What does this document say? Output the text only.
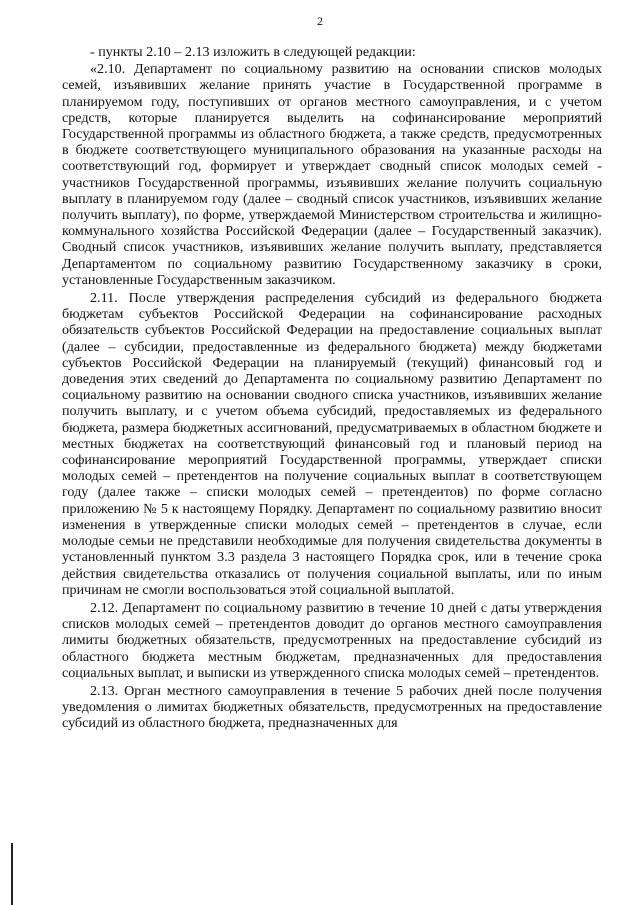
2

- пункты 2.10 – 2.13 изложить в следующей редакции:

«2.10. Департамент по социальному развитию на основании списков молодых семей, изъявивших желание принять участие в Государственной программе в планируемом году, поступивших от органов местного самоуправления, и с учетом средств, которые планируется выделить на софинансирование мероприятий Государственной программы из областного бюджета, а также средств, предусмотренных в бюджете соответствующего муниципального образования на указанные расходы на соответствующий год, формирует и утверждает сводный список молодых семей - участников Государственной программы, изъявивших желание получить социальную выплату в планируемом году (далее – сводный список участников, изъявивших желание получить выплату), по форме, утверждаемой Министерством строительства и жилищно-коммунального хозяйства Российской Федерации (далее – Государственный заказчик). Сводный список участников, изъявивших желание получить выплату, представляется Департаментом по социальному развитию Государственному заказчику в сроки, установленные Государственным заказчиком.

2.11. После утверждения распределения субсидий из федерального бюджета бюджетам субъектов Российской Федерации на софинансирование расходных обязательств субъектов Российской Федерации на предоставление социальных выплат (далее – субсидии, предоставленные из федерального бюджета) между бюджетами субъектов Российской Федерации на планируемый (текущий) финансовый год и доведения этих сведений до Департамента по социальному развитию Департамент по социальному развитию на основании сводного списка участников, изъявивших желание получить выплату, и с учетом объема субсидий, предоставляемых из федерального бюджета, размера бюджетных ассигнований, предусматриваемых в областном бюджете и местных бюджетах на соответствующий финансовый год и плановый период на софинансирование мероприятий Государственной программы, утверждает списки молодых семей – претендентов на получение социальных выплат в соответствующем году (далее также – списки молодых семей – претендентов) по форме согласно приложению № 5 к настоящему Порядку. Департамент по социальному развитию вносит изменения в утвержденные списки молодых семей – претендентов в случае, если молодые семьи не представили необходимые для получения свидетельства документы в установленный пунктом 3.3 раздела 3 настоящего Порядка срок, или в течение срока действия свидетельства отказались от получения социальной выплаты, или по иным причинам не смогли воспользоваться этой социальной выплатой.

2.12. Департамент по социальному развитию в течение 10 дней с даты утверждения списков молодых семей – претендентов доводит до органов местного самоуправления лимиты бюджетных обязательств, предусмотренных на предоставление субсидий из областного бюджета местным бюджетам, предназначенных для предоставления социальных выплат, и выписки из утвержденного списка молодых семей – претендентов.

2.13. Орган местного самоуправления в течение 5 рабочих дней после получения уведомления о лимитах бюджетных обязательств, предусмотренных на предоставление субсидий из областного бюджета, предназначенных для
